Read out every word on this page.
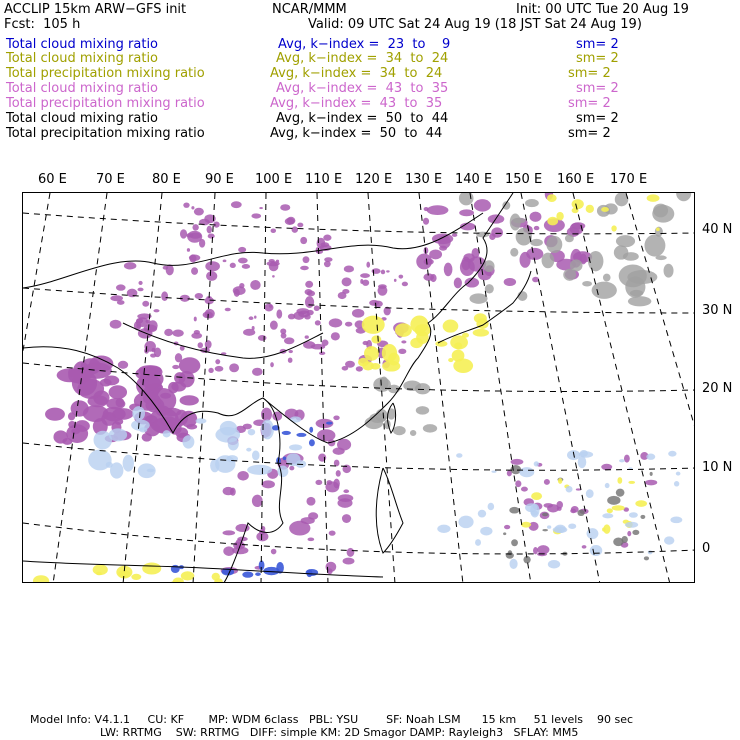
ACCLIP 15km ARW−GFS init	NCAR/MMM	Init: 00 UTC Tue 20 Aug 19
Fcst:  105 h	Valid: 09 UTC Sat 24 Aug 19 (18 JST Sat 24 Aug 19)
Total cloud mixing ratio	Avg, k−index =  23  to    9	sm= 2
Total cloud mixing ratio	Avg, k−index =  34  to  24	sm= 2
Total precipitation mixing ratio	Avg, k−index =  34  to  24	sm= 2
Total cloud mixing ratio	Avg, k−index =  43  to  35	sm= 2
Total precipitation mixing ratio	Avg, k−index =  43  to  35	sm= 2
Total cloud mixing ratio	Avg, k−index =  50  to  44	sm= 2
Total precipitation mixing ratio	Avg, k−index =  50  to  44	sm= 2
60 E 70 E 80 E 90 E 100 E 110 E 120 E 130 E 140 E 150 E 160 E 170 E
40 N
30 N
20 N
10 N
0
Model Info: V4.1.1     CU: KF       MP: WDM 6class   PBL: YSU        SF: Noah LSM      15 km     51 levels    90 sec
LW: RRTMG    SW: RRTMG   DIFF: simple KM: 2D Smagor DAMP: Rayleigh3   SFLAY: MM5
